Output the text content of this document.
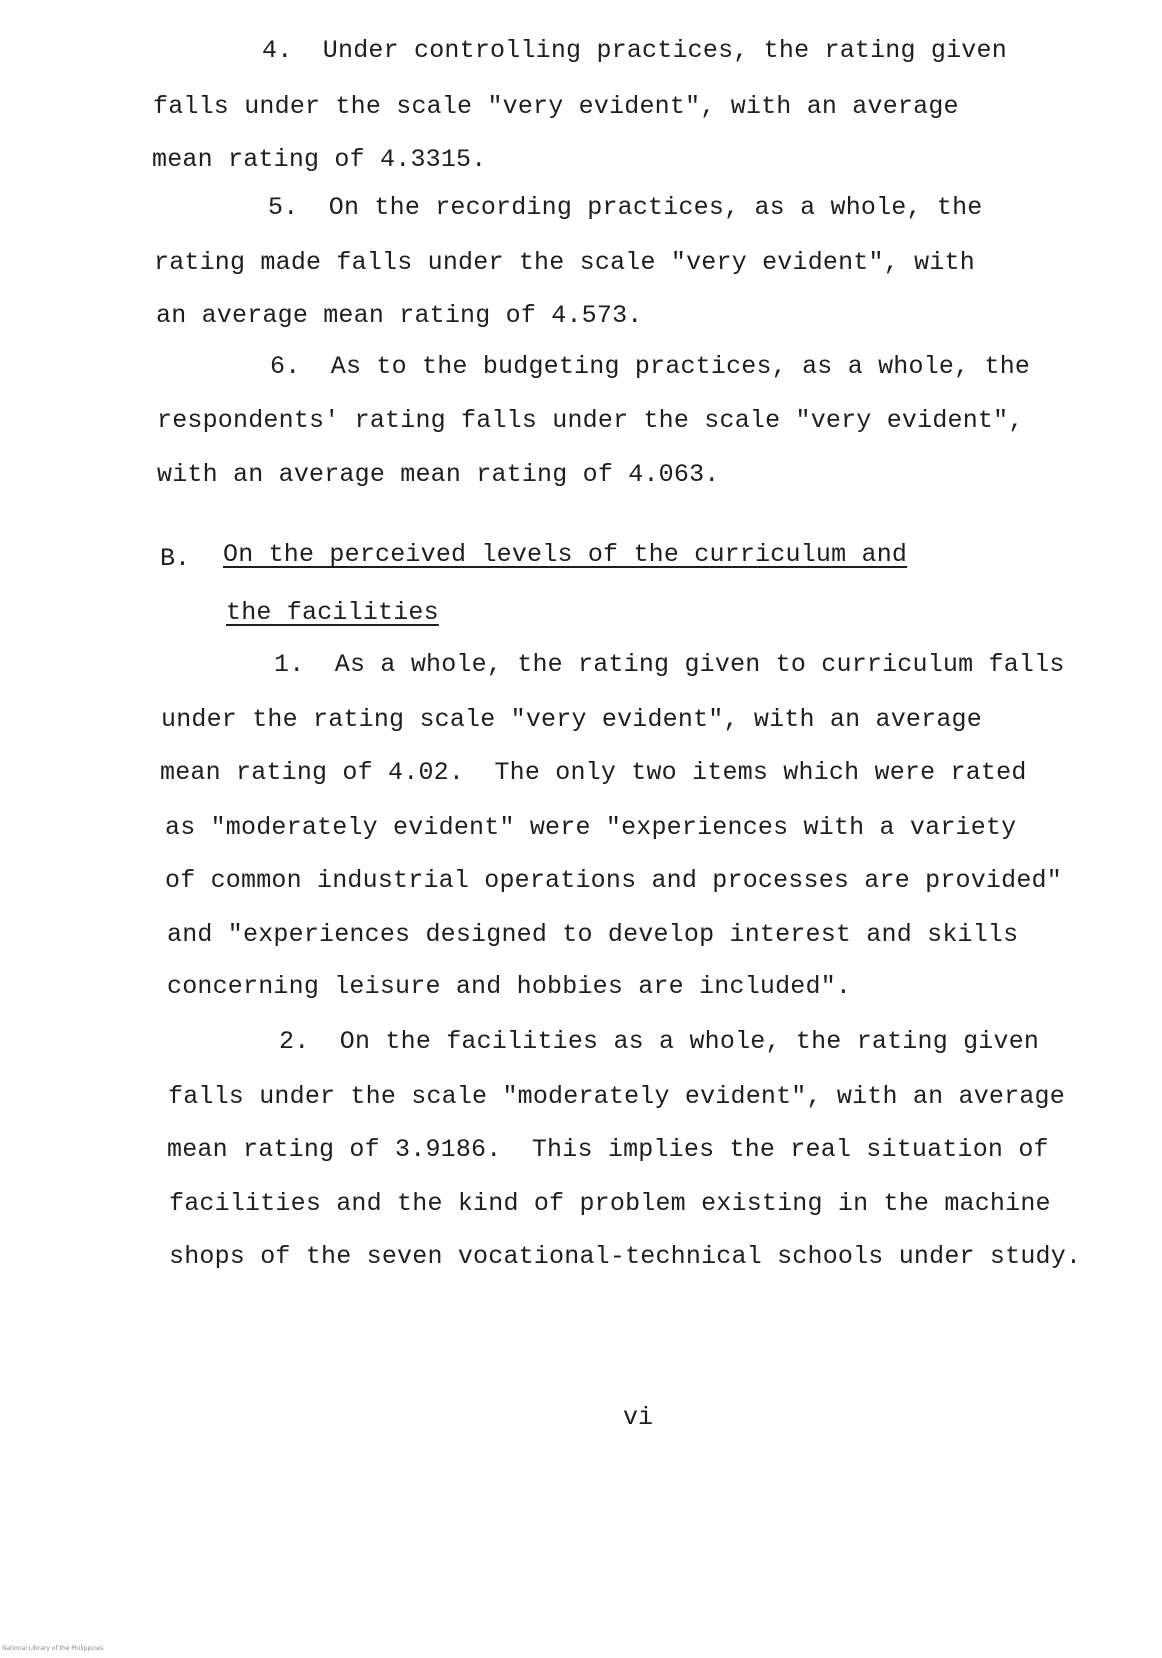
4.  Under controlling practices, the rating given
falls under the scale "very evident", with an average
mean rating of 4.3315.
5.  On the recording practices, as a whole, the
rating made falls under the scale "very evident", with
an average mean rating of 4.573.
6.  As to the budgeting practices, as a whole, the
respondents' rating falls under the scale "very evident",
with an average mean rating of 4.063.
B. On the perceived levels of the curriculum and
the facilities
1.  As a whole, the rating given to curriculum falls
under the rating scale "very evident", with an average
mean rating of 4.02.  The only two items which were rated
as "moderately evident" were "experiences with a variety
of common industrial operations and processes are provided"
and "experiences designed to develop interest and skills
concerning leisure and hobbies are included".
2.  On the facilities as a whole, the rating given
falls under the scale "moderately evident", with an average
mean rating of 3.9186.  This implies the real situation of
facilities and the kind of problem existing in the machine
shops of the seven vocational-technical schools under study.
vi
National Library of the Philippines
